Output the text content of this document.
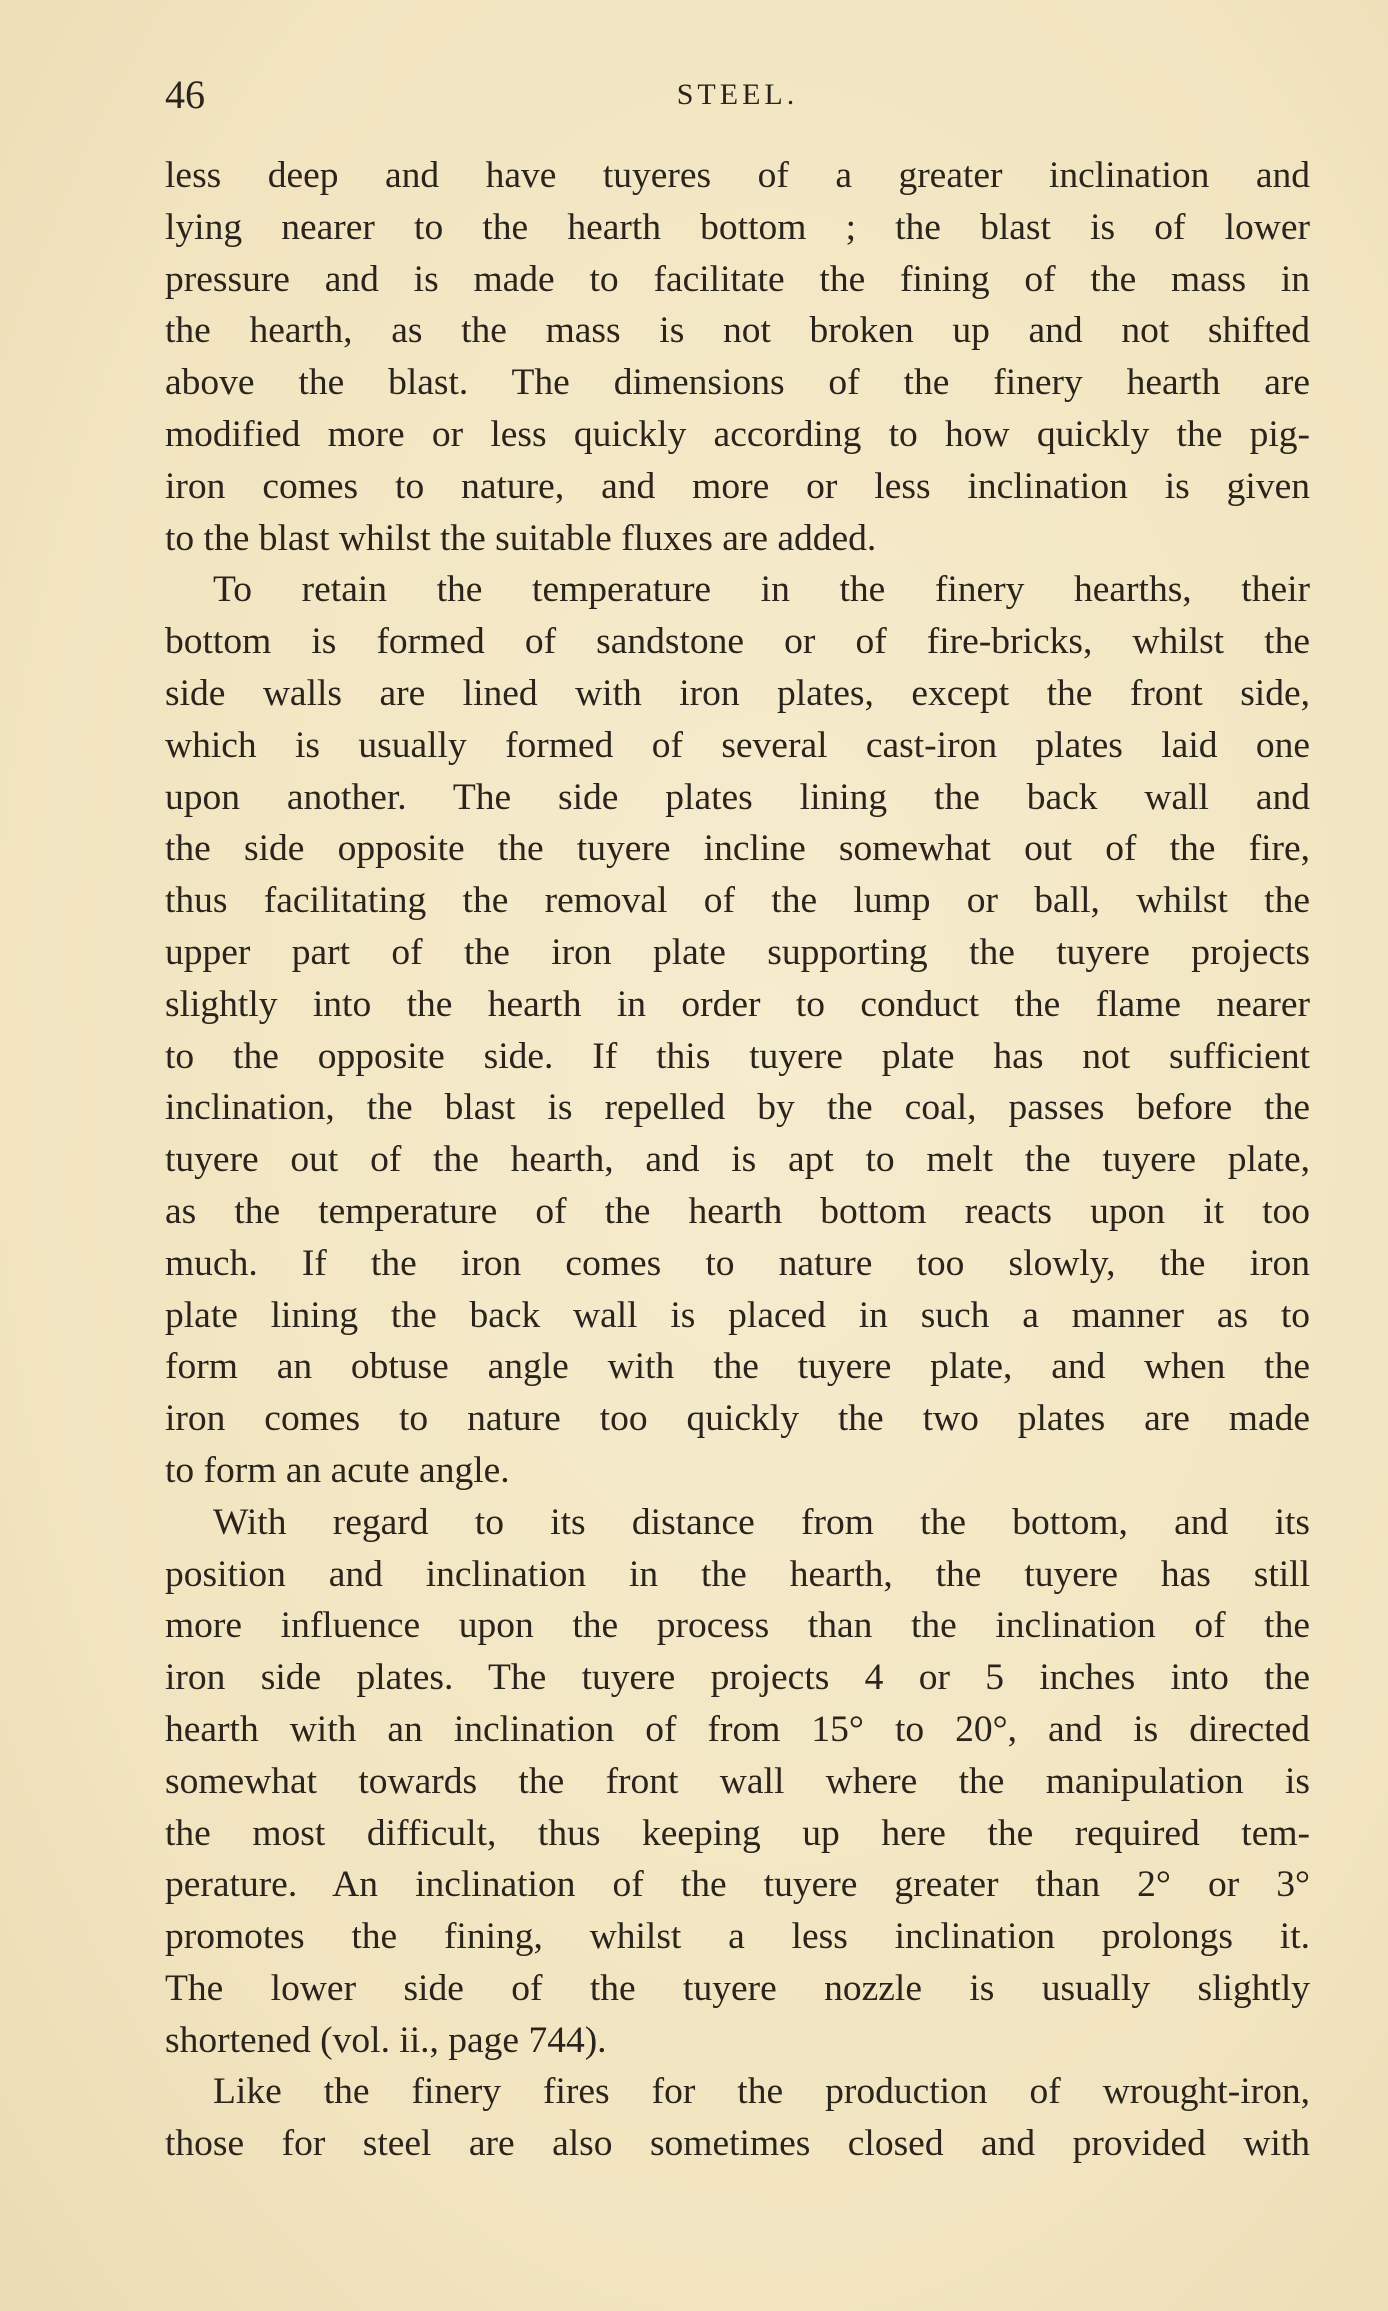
46	STEEL.
less deep and have tuyeres of a greater inclination and
lying nearer to the hearth bottom ; the blast is of lower
pressure and is made to facilitate the fining of the mass in
the hearth, as the mass is not broken up and not shifted
above the blast. The dimensions of the finery hearth are
modified more or less quickly according to how quickly the pig-
iron comes to nature, and more or less inclination is given
to the blast whilst the suitable fluxes are added.
To retain the temperature in the finery hearths, their
bottom is formed of sandstone or of fire-bricks, whilst the
side walls are lined with iron plates, except the front side,
which is usually formed of several cast-iron plates laid one
upon another. The side plates lining the back wall and
the side opposite the tuyere incline somewhat out of the fire,
thus facilitating the removal of the lump or ball, whilst the
upper part of the iron plate supporting the tuyere projects
slightly into the hearth in order to conduct the flame nearer
to the opposite side. If this tuyere plate has not sufficient
inclination, the blast is repelled by the coal, passes before the
tuyere out of the hearth, and is apt to melt the tuyere plate,
as the temperature of the hearth bottom reacts upon it too
much. If the iron comes to nature too slowly, the iron
plate lining the back wall is placed in such a manner as to
form an obtuse angle with the tuyere plate, and when the
iron comes to nature too quickly the two plates are made
to form an acute angle.
With regard to its distance from the bottom, and its
position and inclination in the hearth, the tuyere has still
more influence upon the process than the inclination of the
iron side plates. The tuyere projects 4 or 5 inches into the
hearth with an inclination of from 15° to 20°, and is directed
somewhat towards the front wall where the manipulation is
the most difficult, thus keeping up here the required tem-
perature. An inclination of the tuyere greater than 2° or 3°
promotes the fining, whilst a less inclination prolongs it.
The lower side of the tuyere nozzle is usually slightly
shortened (vol. ii., page 744).
Like the finery fires for the production of wrought-iron,
those for steel are also sometimes closed and provided with
